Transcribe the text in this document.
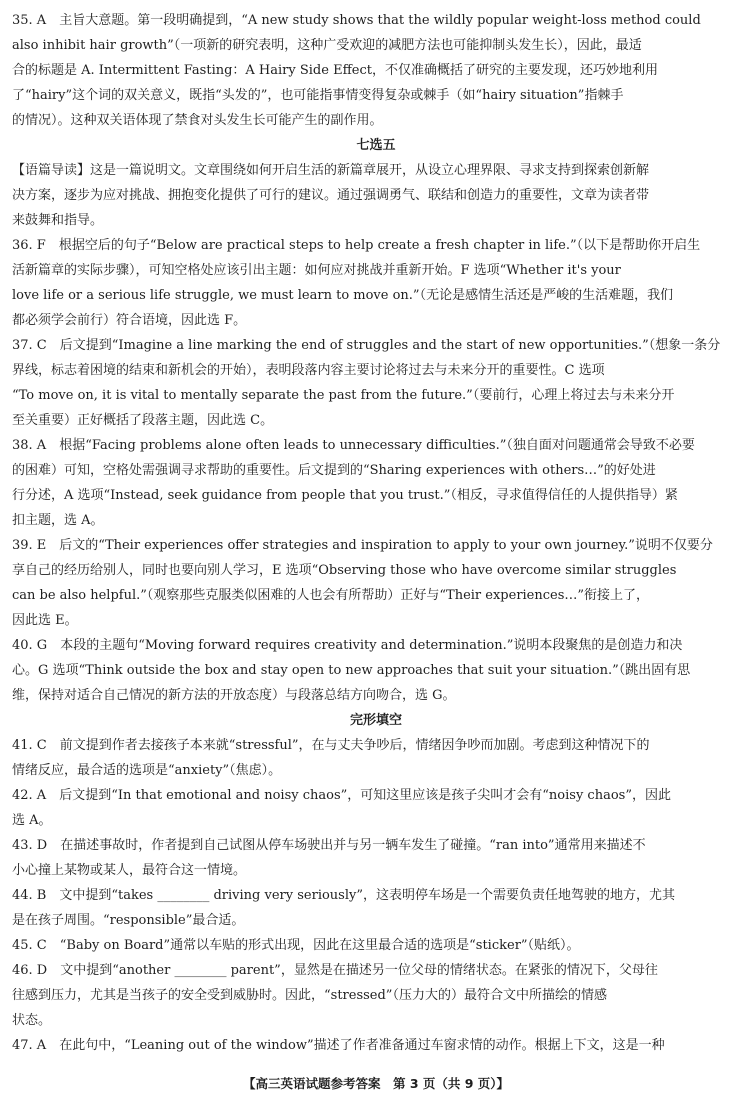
35. A　主旨大意题。第一段明确提到，“A new study shows that the wildly popular weight-loss method could
also inhibit hair growth”（一项新的研究表明，这种广受欢迎的减肥方法也可能抑制头发生长），因此，最适
合的标题是 A. Intermittent Fasting：A Hairy Side Effect，不仅准确概括了研究的主要发现，还巧妙地利用
了“hairy”这个词的双关意义，既指“头发的”，也可能指事情变得复杂或棘手（如“hairy situation”指棘手
的情况）。这种双关语体现了禁食对头发生长可能产生的副作用。
七选五
【语篇导读】这是一篇说明文。文章围绕如何开启生活的新篇章展开，从设立心理界限、寻求支持到探索创新解
决方案，逐步为应对挑战、拥抱变化提供了可行的建议。通过强调勇气、联结和创造力的重要性，文章为读者带
来鼓舞和指导。
36. F　根据空后的句子“Below are practical steps to help create a fresh chapter in life.”（以下是帮助你开启生
活新篇章的实际步骤），可知空格处应该引出主题：如何应对挑战并重新开始。F 选项“Whether it's your
love life or a serious life struggle, we must learn to move on.”（无论是感情生活还是严峻的生活难题，我们
都必须学会前行）符合语境，因此选 F。
37. C　后文提到“Imagine a line marking the end of struggles and the start of new opportunities.”（想象一条分
界线，标志着困境的结束和新机会的开始），表明段落内容主要讨论将过去与未来分开的重要性。C 选项
“To move on, it is vital to mentally separate the past from the future.”（要前行，心理上将过去与未来分开
至关重要）正好概括了段落主题，因此选 C。
38. A　根据“Facing problems alone often leads to unnecessary difficulties.”（独自面对问题通常会导致不必要
的困难）可知，空格处需强调寻求帮助的重要性。后文提到的“Sharing experiences with others…”的好处进
行分述，A 选项“Instead, seek guidance from people that you trust.”（相反，寻求值得信任的人提供指导）紧
扣主题，选 A。
39. E　后文的“Their experiences offer strategies and inspiration to apply to your own journey.”说明不仅要分
享自己的经历给别人，同时也要向别人学习，E 选项“Observing those who have overcome similar struggles
can be also helpful.”（观察那些克服类似困难的人也会有所帮助）正好与“Their experiences…”衔接上了，
因此选 E。
40. G　本段的主题句“Moving forward requires creativity and determination.”说明本段聚焦的是创造力和决
心。G 选项“Think outside the box and stay open to new approaches that suit your situation.”（跳出固有思
维，保持对适合自己情况的新方法的开放态度）与段落总结方向吻合，选 G。
完形填空
41. C　前文提到作者去接孩子本来就“stressful”，在与丈夫争吵后，情绪因争吵而加剧。考虑到这种情况下的
情绪反应，最合适的选项是“anxiety”（焦虑）。
42. A　后文提到“In that emotional and noisy chaos”，可知这里应该是孩子尖叫才会有“noisy chaos”，因此
选 A。
43. D　在描述事故时，作者提到自己试图从停车场驶出并与另一辆车发生了碰撞。“ran into”通常用来描述不
小心撞上某物或某人，最符合这一情境。
44. B　文中提到“takes ________ driving very seriously”，这表明停车场是一个需要负责任地驾驶的地方，尤其
是在孩子周围。“responsible”最合适。
45. C　“Baby on Board”通常以车贴的形式出现，因此在这里最合适的选项是“sticker”（贴纸）。
46. D　文中提到“another ________ parent”，显然是在描述另一位父母的情绪状态。在紧张的情况下，父母往
往感到压力，尤其是当孩子的安全受到威胁时。因此，“stressed”（压力大的）最符合文中所描绘的情感
状态。
47. A　在此句中，“Leaning out of the window”描述了作者准备通过车窗求情的动作。根据上下文，这是一种
【高三英语试题参考答案　第 3 页（共 9 页）】
